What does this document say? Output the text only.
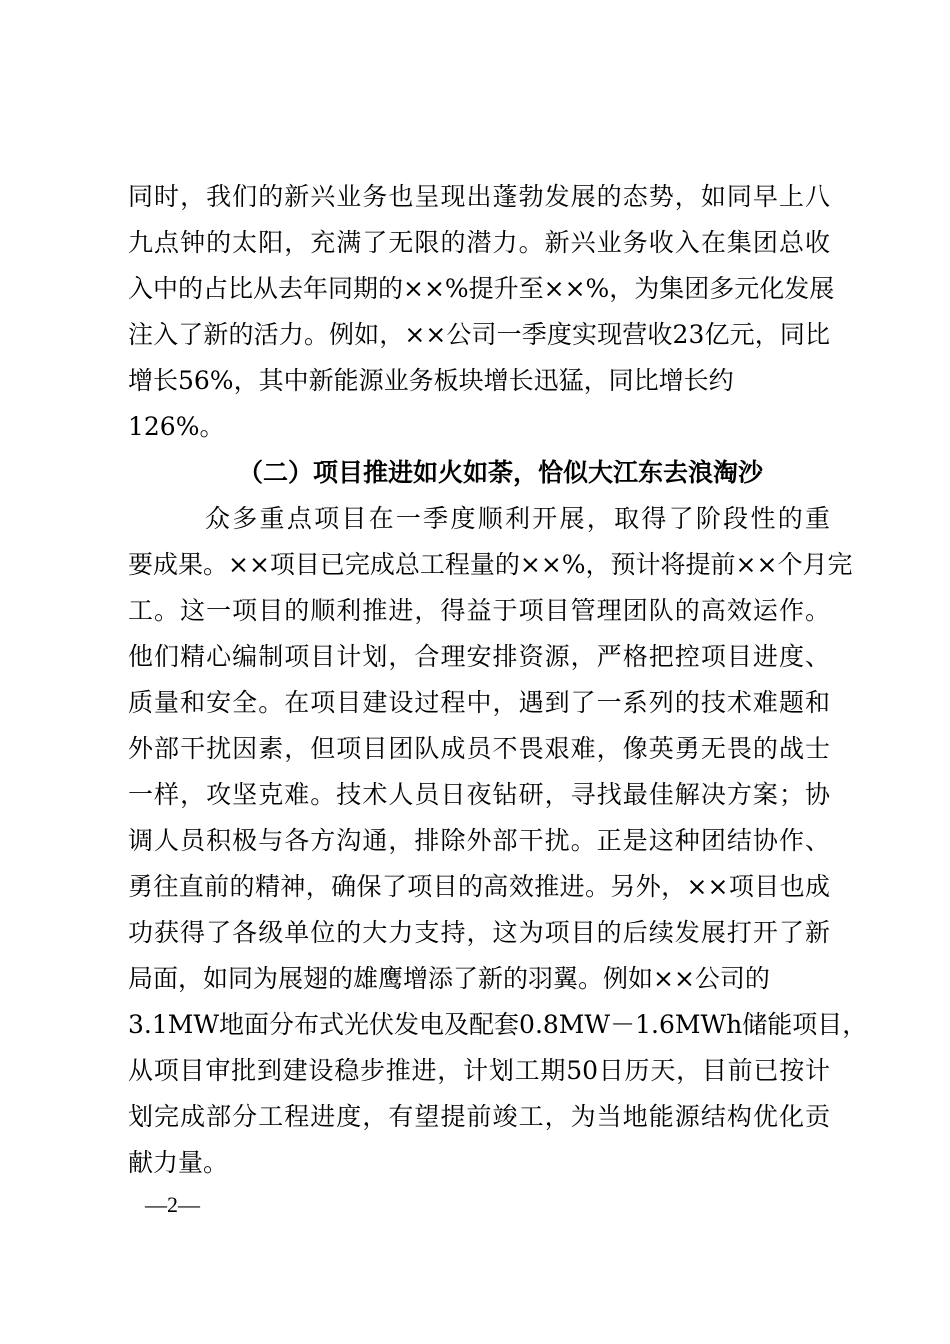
同时，我们的新兴业务也呈现出蓬勃发展的态势，如同早上八
九点钟的太阳，充满了无限的潜力。新兴业务收入在集团总收
入中的占比从去年同期的××%提升至××%，为集团多元化发展
注入了新的活力。例如，××公司一季度实现营收23亿元，同比
增长56%，其中新能源业务板块增长迅猛，同比增长约
126%。
（二）项目推进如火如荼，恰似大江东去浪淘沙
众多重点项目在一季度顺利开展，取得了阶段性的重
要成果。××项目已完成总工程量的××%，预计将提前××个月完
工。这一项目的顺利推进，得益于项目管理团队的高效运作。
他们精心编制项目计划，合理安排资源，严格把控项目进度、
质量和安全。在项目建设过程中，遇到了一系列的技术难题和
外部干扰因素，但项目团队成员不畏艰难，像英勇无畏的战士
一样，攻坚克难。技术人员日夜钻研，寻找最佳解决方案；协
调人员积极与各方沟通，排除外部干扰。正是这种团结协作、
勇往直前的精神，确保了项目的高效推进。另外，××项目也成
功获得了各级单位的大力支持，这为项目的后续发展打开了新
局面，如同为展翅的雄鹰增添了新的羽翼。例如××公司的
3.1MW地面分布式光伏发电及配套0.8MW－1.6MWh储能项目，
从项目审批到建设稳步推进，计划工期50日历天，目前已按计
划完成部分工程进度，有望提前竣工，为当地能源结构优化贡
献力量。
—2—
